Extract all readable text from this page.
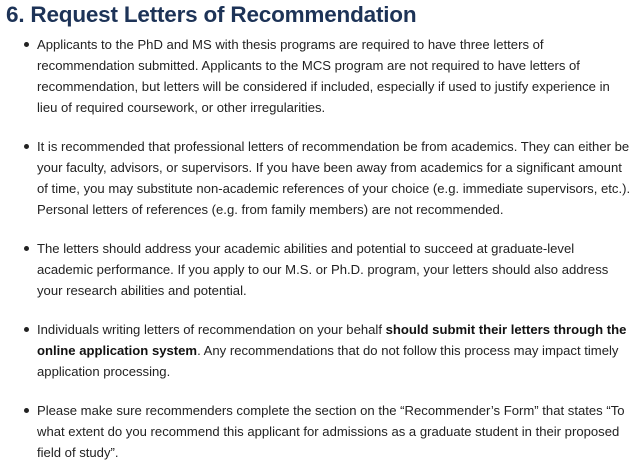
6. Request Letters of Recommendation
Applicants to the PhD and MS with thesis programs are required to have three letters of
recommendation submitted. Applicants to the MCS program are not required to have letters of
recommendation, but letters will be considered if included, especially if used to justify experience in
lieu of required coursework, or other irregularities.
It is recommended that professional letters of recommendation be from academics. They can either be
your faculty, advisors, or supervisors. If you have been away from academics for a significant amount
of time, you may substitute non-academic references of your choice (e.g. immediate supervisors, etc.).
Personal letters of references (e.g. from family members) are not recommended.
The letters should address your academic abilities and potential to succeed at graduate-level
academic performance. If you apply to our M.S. or Ph.D. program, your letters should also address
your research abilities and potential.
Individuals writing letters of recommendation on your behalf should submit their letters through the
online application system. Any recommendations that do not follow this process may impact timely
application processing.
Please make sure recommenders complete the section on the “Recommender’s Form” that states “To
what extent do you recommend this applicant for admissions as a graduate student in their proposed
field of study”.
